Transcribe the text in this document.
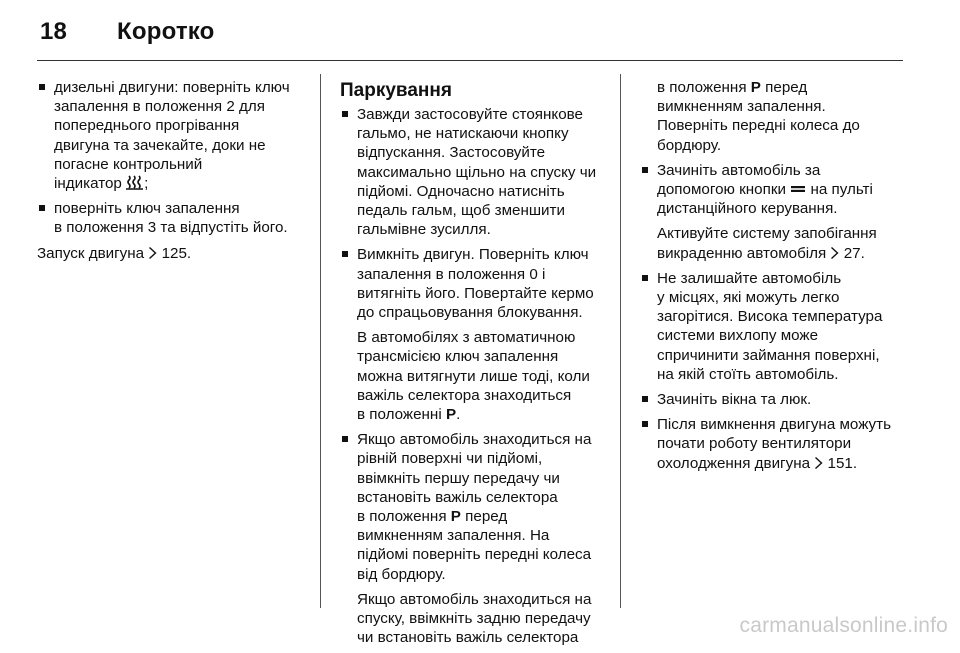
18 Коротко
дизельні двигуни: поверніть ключ
запалення в положення 2 для
попереднього прогрівання
двигуна та зачекайте, доки не
погасне контрольний
індикатор ;
поверніть ключ запалення
в положення 3 та відпустіть його.
Запуск двигуна 125.
Паркування
Завжди застосовуйте стоянкове
гальмо, не натискаючи кнопку
відпускання. Застосовуйте
максимально щільно на спуску чи
підйомі. Одночасно натисніть
педаль гальм, щоб зменшити
гальмівне зусилля.
Вимкніть двигун. Поверніть ключ
запалення в положення 0 і
витягніть його. Повертайте кермо
до спрацьовування блокування.
В автомобілях з автоматичною
трансмісією ключ запалення
можна витягнути лише тоді, коли
важіль селектора знаходиться
в положенні P.
Якщо автомобіль знаходиться на
рівній поверхні чи підйомі,
ввімкніть першу передачу чи
встановіть важіль селектора
в положення P перед
вимкненням запалення. На
підйомі поверніть передні колеса
від бордюру.
Якщо автомобіль знаходиться на
спуску, ввімкніть задню передачу
чи встановіть важіль селектора
в положення P перед
вимкненням запалення.
Поверніть передні колеса до
бордюру.
Зачиніть автомобіль за
допомогою кнопки на пульті
дистанційного керування.
Активуйте систему запобігання
викраденню автомобіля 27.
Не залишайте автомобіль
у місцях, які можуть легко
загорітися. Висока температура
системи вихлопу може
спричинити займання поверхні,
на якій стоїть автомобіль.
Зачиніть вікна та люк.
Після вимкнення двигуна можуть
почати роботу вентилятори
охолодження двигуна 151.
carmanualsonline.info
